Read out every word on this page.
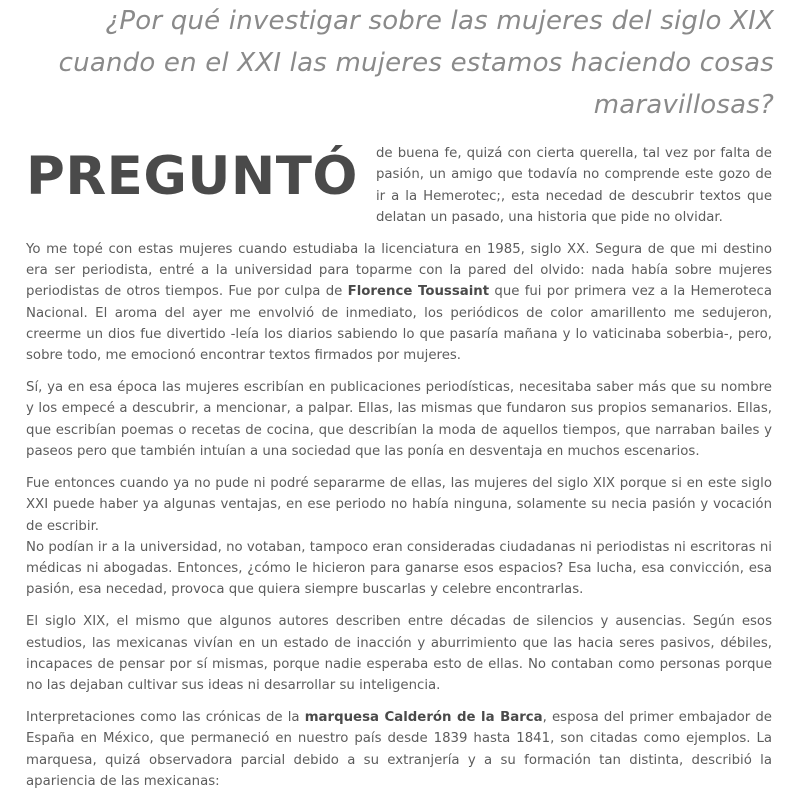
¿Por qué investigar sobre las mujeres del siglo XIX cuando en el XXI las mujeres estamos haciendo cosas maravillosas?

PREGUNTÓ de buena fe, quizá con cierta querella, tal vez por falta de pasión, un amigo que todavía no comprende este gozo de ir a la Hemerotec;, esta necedad de descubrir textos que delatan un pasado, una historia que pide no olvidar.

Yo me topé con estas mujeres cuando estudiaba la licenciatura en 1985, siglo XX. Segura de que mi destino era ser periodista, entré a la universidad para toparme con la pared del olvido: nada había sobre mujeres periodistas de otros tiempos. Fue por culpa de Florence Toussaint que fui por primera vez a la Hemeroteca Nacional. El aroma del ayer me envolvió de inmediato, los periódicos de color amarillento me sedujeron, creerme un dios fue divertido -leía los diarios sabiendo lo que pasaría mañana y lo vaticinaba soberbia-, pero, sobre todo, me emocionó encontrar textos firmados por mujeres.

Sí, ya en esa época las mujeres escribían en publicaciones periodísticas, necesitaba saber más que su nombre y los empecé a descubrir, a mencionar, a palpar. Ellas, las mismas que fundaron sus propios semanarios. Ellas, que escribían poemas o recetas de cocina, que describían la moda de aquellos tiempos, que narraban bailes y paseos pero que también intuían a una sociedad que las ponía en desventaja en muchos escenarios.

Fue entonces cuando ya no pude ni podré separarme de ellas, las mujeres del siglo XIX porque si en este siglo XXI puede haber ya algunas ventajas, en ese periodo no había ninguna, solamente su necia pasión y vocación de escribir.
No podían ir a la universidad, no votaban, tampoco eran consideradas ciudadanas ni periodistas ni escritoras ni médicas ni abogadas. Entonces, ¿cómo le hicieron para ganarse esos espacios? Esa lucha, esa convicción, esa pasión, esa necedad, provoca que quiera siempre buscarlas y celebre encontrarlas.

El siglo XIX, el mismo que algunos autores describen entre décadas de silencios y ausencias. Según esos estudios, las mexicanas vivían en un estado de inacción y aburrimiento que las hacia seres pasivos, débiles, incapaces de pensar por sí mismas, porque nadie esperaba esto de ellas. No contaban como personas porque no las dejaban cultivar sus ideas ni desarrollar su inteligencia.

Interpretaciones como las crónicas de la marquesa Calderón de la Barca, esposa del primer embajador de España en México, que permaneció en nuestro país desde 1839 hasta 1841, son citadas como ejemplos. La marquesa, quizá observadora parcial debido a su extranjería y a su formación tan distinta, describió la apariencia de las mexicanas:
